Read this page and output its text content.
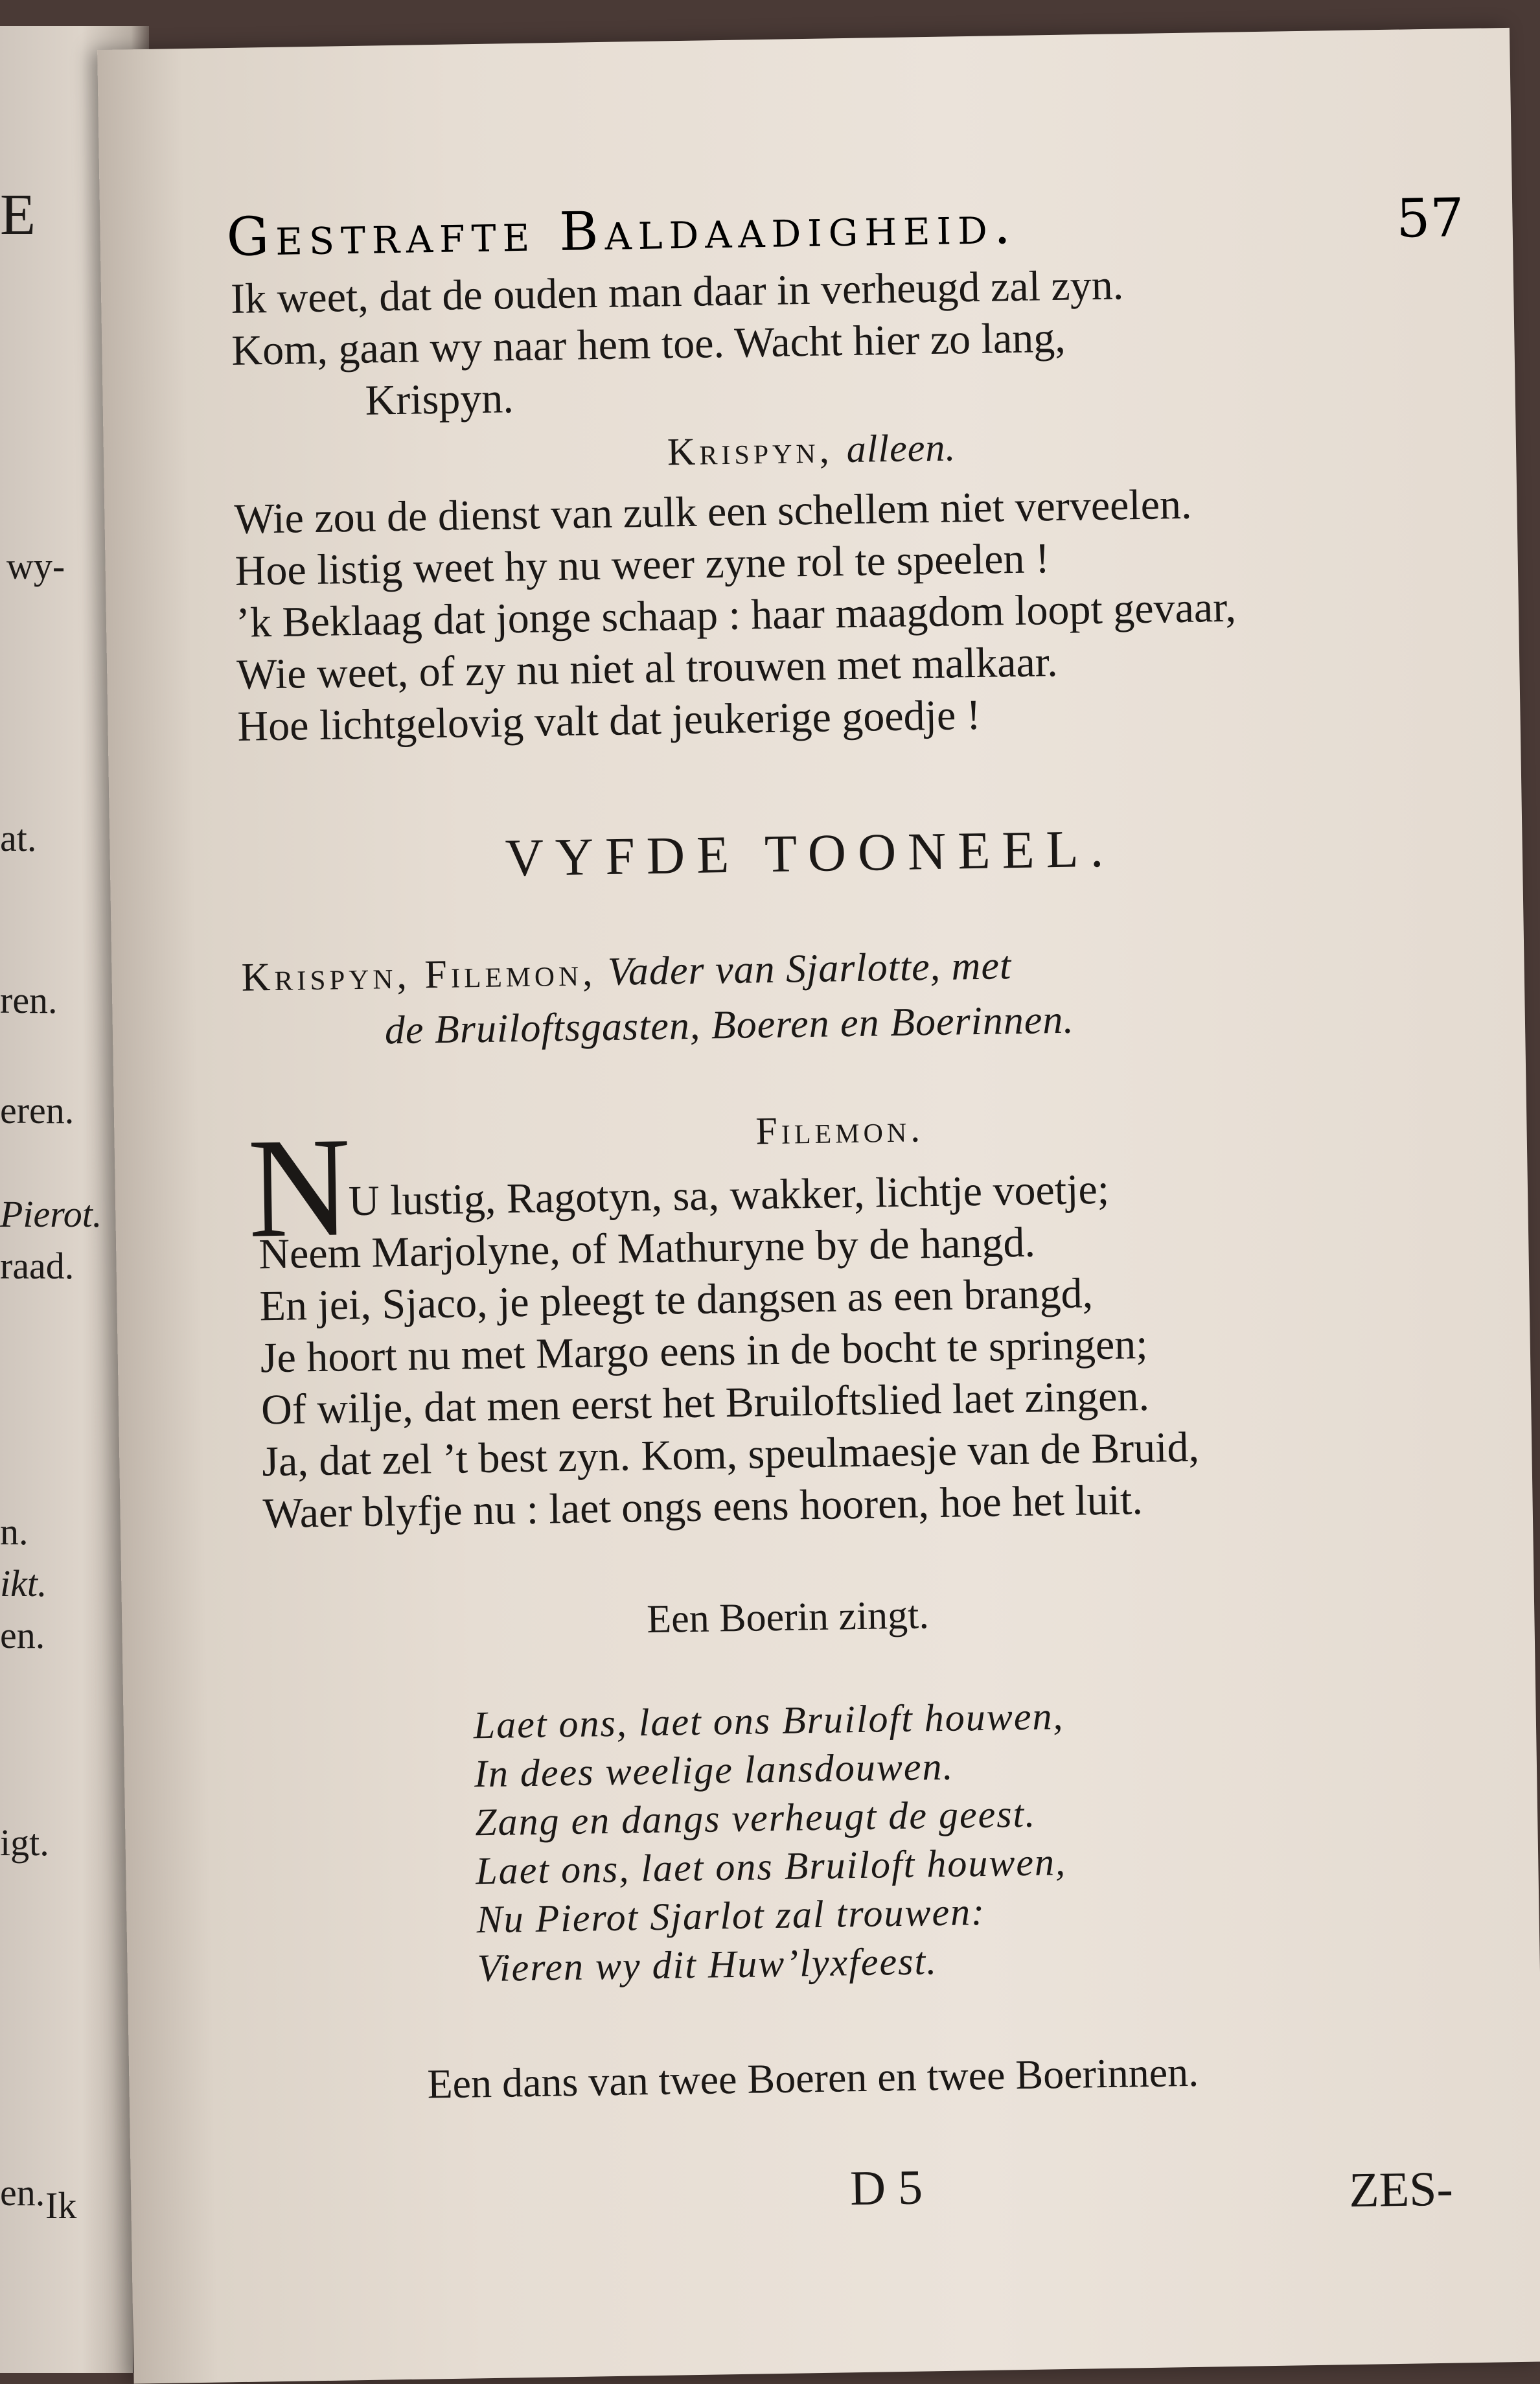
E
wy-
at.
ren.
eren.
Pierot.
raad.
n.
ikt.
en.
igt.
en. Ik
Gestrafte Baldaadigheid.	57
Ik weet, dat de ouden man daar in verheugd zal zyn.
Kom, gaan wy naar hem toe. Wacht hier zo lang,
Krispyn.
Krispyn, alleen.
Wie zou de dienst van zulk een schellem niet verveelen.
Hoe listig weet hy nu weer zyne rol te speelen !
’k Beklaag dat jonge schaap : haar maagdom loopt gevaar,
Wie weet, of zy nu niet al trouwen met malkaar.
Hoe lichtgelovig valt dat jeukerige goedje !
VYFDE TOONEEL.
Krispyn, Filemon, Vader van Sjarlotte, met
de Bruiloftsgasten, Boeren en Boerinnen.
Filemon.
N
U lustig, Ragotyn, sa, wakker, lichtje voetje;
Neem Marjolyne, of Mathuryne by de hangd.
En jei, Sjaco, je pleegt te dangsen as een brangd,
Je hoort nu met Margo eens in de bocht te springen;
Of wilje, dat men eerst het Bruiloftslied laet zingen.
Ja, dat zel ’t best zyn. Kom, speulmaesje van de Bruid,
Waer blyfje nu : laet ongs eens hooren, hoe het luit.
Een Boerin zingt.
Laet ons, laet ons Bruiloft houwen,
In dees weelige lansdouwen.
Zang en dangs verheugt de geest.
Laet ons, laet ons Bruiloft houwen,
Nu Pierot Sjarlot zal trouwen:
Vieren wy dit Huw’lyxfeest.
Een dans van twee Boeren en twee Boerinnen.
D 5	ZES-
